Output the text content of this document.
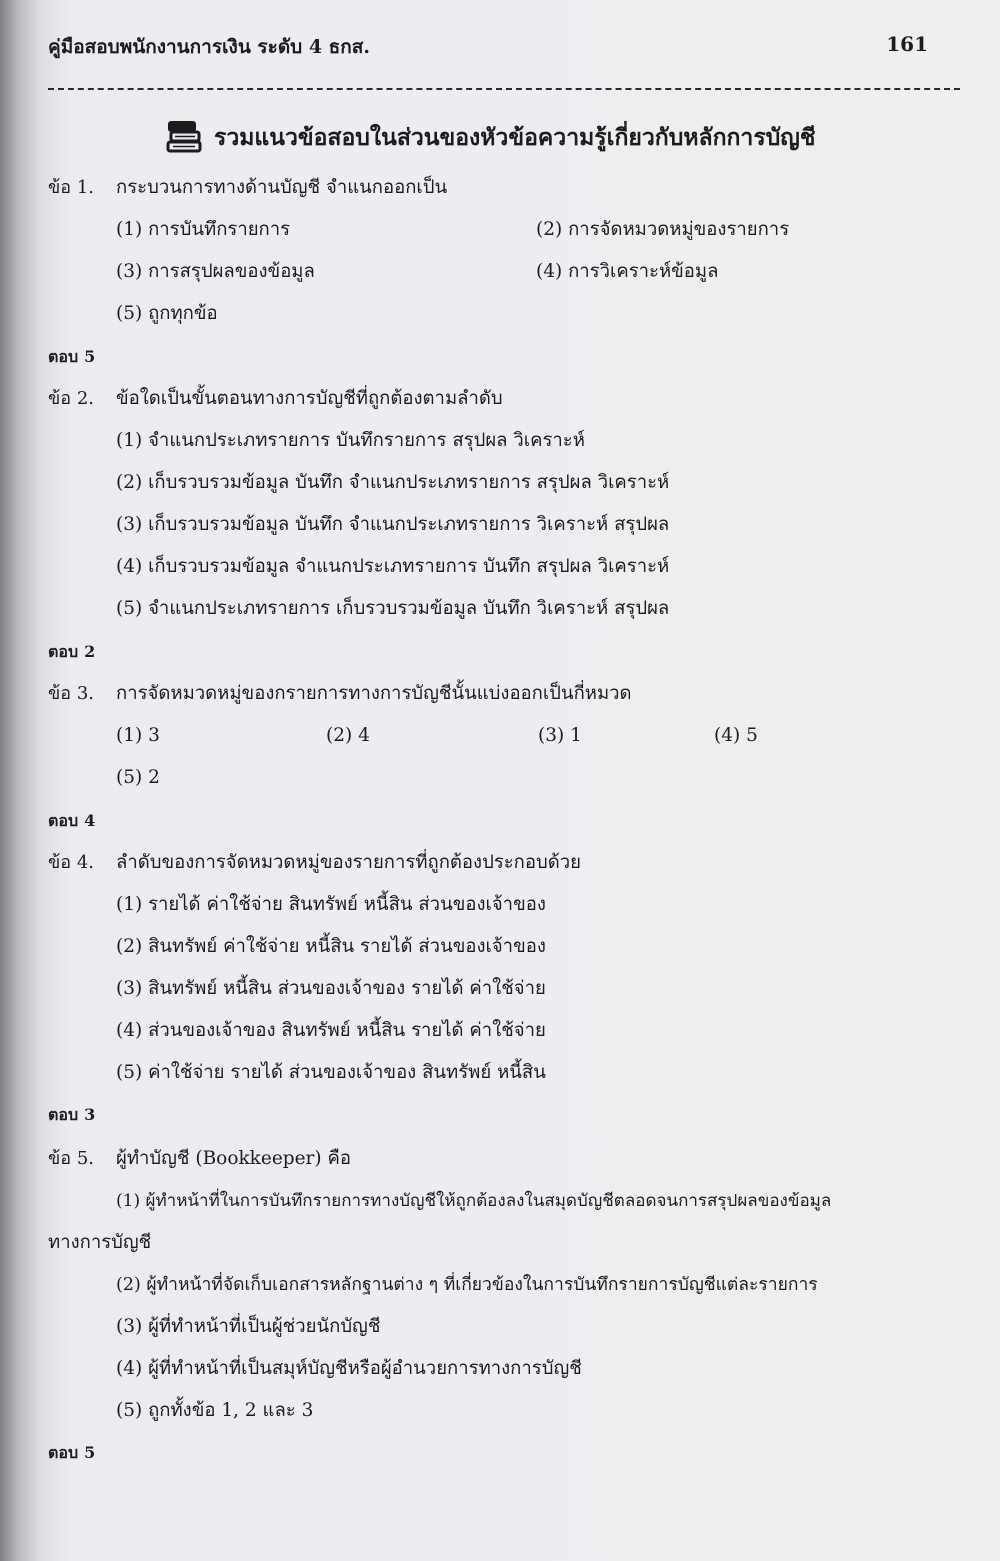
คู่มือสอบพนักงานการเงิน ระดับ 4 ธกส.	161
รวมแนวข้อสอบในส่วนของหัวข้อความรู้เกี่ยวกับหลักการบัญชี
ข้อ 1. กระบวนการทางด้านบัญชี จำแนกออกเป็น
(1) การบันทึกรายการ	(2) การจัดหมวดหมู่ของรายการ
(3) การสรุปผลของข้อมูล	(4) การวิเคราะห์ข้อมูล
(5) ถูกทุกข้อ
ตอบ 5
ข้อ 2. ข้อใดเป็นขั้นตอนทางการบัญชีที่ถูกต้องตามลำดับ
(1) จำแนกประเภทรายการ บันทึกรายการ สรุปผล วิเคราะห์
(2) เก็บรวบรวมข้อมูล บันทึก จำแนกประเภทรายการ สรุปผล วิเคราะห์
(3) เก็บรวบรวมข้อมูล บันทึก จำแนกประเภทรายการ วิเคราะห์ สรุปผล
(4) เก็บรวบรวมข้อมูล จำแนกประเภทรายการ บันทึก สรุปผล วิเคราะห์
(5) จำแนกประเภทรายการ เก็บรวบรวมข้อมูล บันทึก วิเคราะห์ สรุปผล
ตอบ 2
ข้อ 3. การจัดหมวดหมู่ของกรายการทางการบัญชีนั้นแบ่งออกเป็นกี่หมวด
(1) 3	(2) 4	(3) 1	(4) 5
(5) 2
ตอบ 4
ข้อ 4. ลำดับของการจัดหมวดหมู่ของรายการที่ถูกต้องประกอบด้วย
(1) รายได้ ค่าใช้จ่าย สินทรัพย์ หนี้สิน ส่วนของเจ้าของ
(2) สินทรัพย์ ค่าใช้จ่าย หนี้สิน รายได้ ส่วนของเจ้าของ
(3) สินทรัพย์ หนี้สิน ส่วนของเจ้าของ รายได้ ค่าใช้จ่าย
(4) ส่วนของเจ้าของ สินทรัพย์ หนี้สิน รายได้ ค่าใช้จ่าย
(5) ค่าใช้จ่าย รายได้ ส่วนของเจ้าของ สินทรัพย์ หนี้สิน
ตอบ 3
ข้อ 5. ผู้ทำบัญชี (Bookkeeper) คือ
(1) ผู้ทำหน้าที่ในการบันทึกรายการทางบัญชีให้ถูกต้องลงในสมุดบัญชีตลอดจนการสรุปผลของข้อมูล
ทางการบัญชี
(2) ผู้ทำหน้าที่จัดเก็บเอกสารหลักฐานต่าง ๆ ที่เกี่ยวข้องในการบันทึกรายการบัญชีแต่ละรายการ
(3) ผู้ที่ทำหน้าที่เป็นผู้ช่วยนักบัญชี
(4) ผู้ที่ทำหน้าที่เป็นสมุห์บัญชีหรือผู้อำนวยการทางการบัญชี
(5) ถูกทั้งข้อ 1, 2 และ 3
ตอบ 5
